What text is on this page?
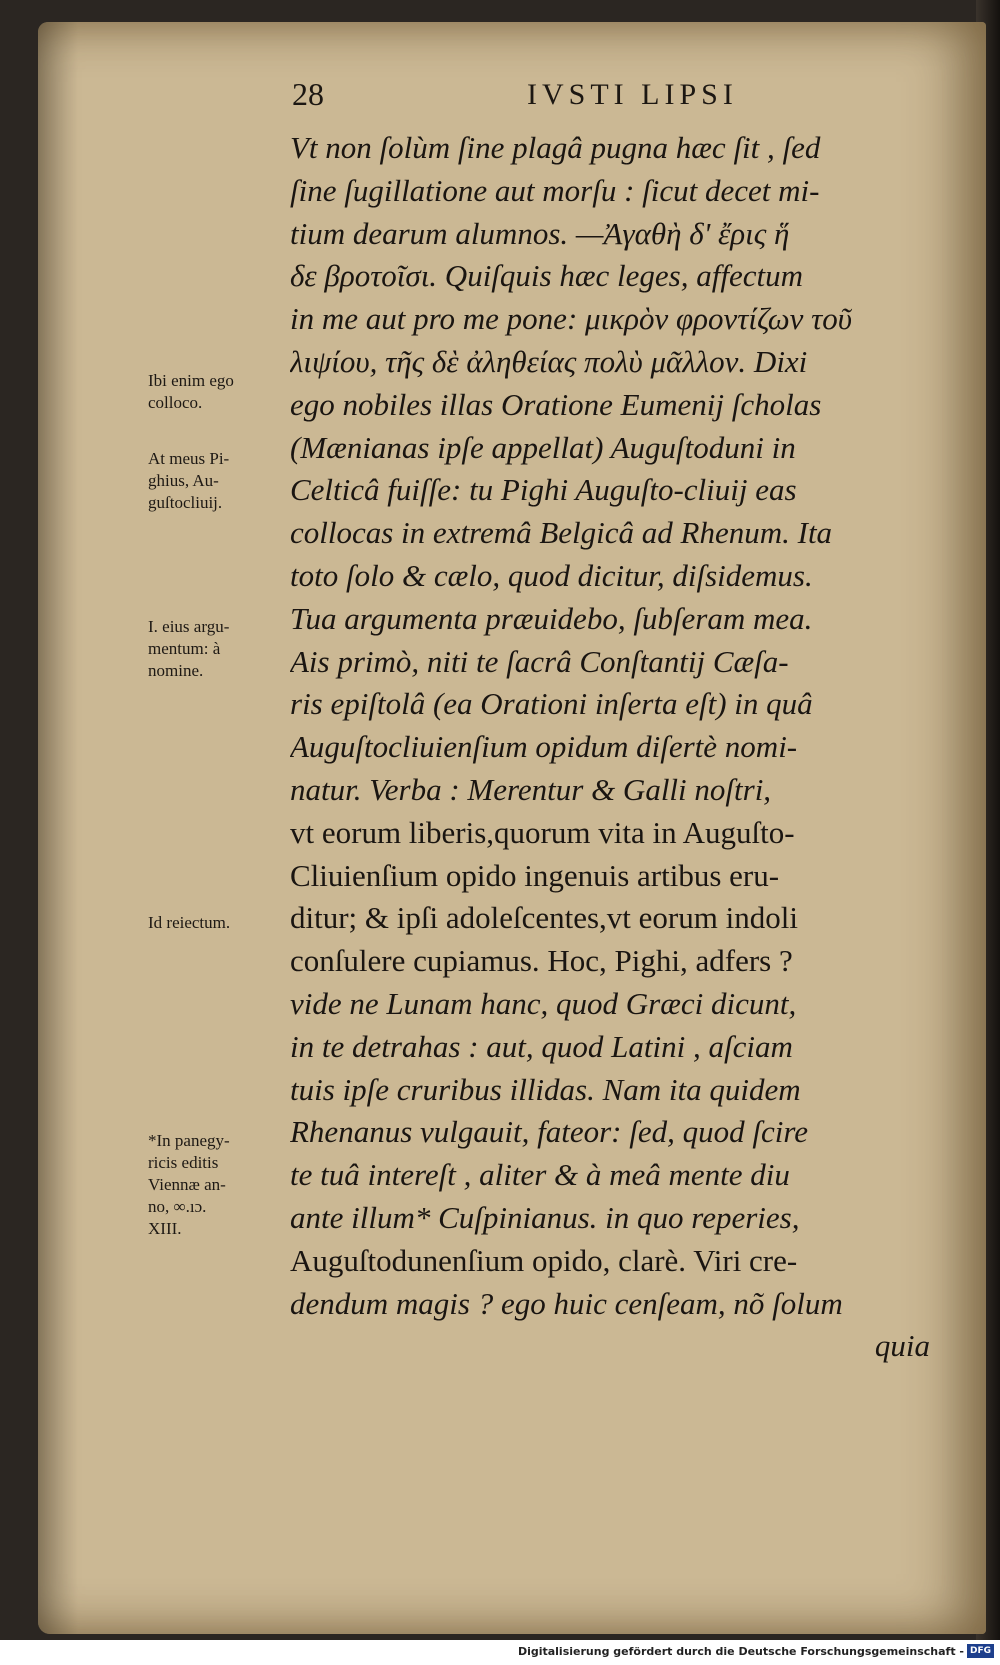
28	IVSTI LIPSI
Vt non ſolùm ſine plagâ pugna hæc ſit , ſed
ſine ſugillatione aut morſu : ſicut decet mi-
tium dearum alumnos. —Ἀγαθὴ δ' ἔρις ἥ
δε βροτοῖσι. Quiſquis hæc leges, affectum
in me aut pro me pone: μικρὸν φροντίζων τοῦ
λιψίου, τῆς δὲ ἀληθείας πολὺ μᾶλλον. Dixi
ego nobiles illas Oratione Eumenij ſcholas
(Mænianas ipſe appellat) Auguſtoduni in
Celticâ fuiſſe: tu Pighi Auguſto-cliuij eas
collocas in extremâ Belgicâ ad Rhenum. Ita
toto ſolo & cælo, quod dicitur, diſsidemus.
Tua argumenta præuidebo, ſubſeram mea.
Ais primò, niti te ſacrâ Conſtantij Cæſa-
ris epiſtolâ (ea Orationi inſerta eſt) in quâ
Auguſtocliuienſium opidum diſertè nomi-
natur. Verba : Merentur & Galli noſtri,
vt eorum liberis,quorum vita in Auguſto-
Cliuienſium opido ingenuis artibus eru-
ditur; & ipſi adoleſcentes,vt eorum indoli
conſulere cupiamus. Hoc, Pighi, adfers ?
vide ne Lunam hanc, quod Græci dicunt,
in te detrahas : aut, quod Latini , aſciam
tuis ipſe cruribus illidas. Nam ita quidem
Rhenanus vulgauit, fateor: ſed, quod ſcire
te tuâ intereſt , aliter & à meâ mente diu
ante illum* Cuſpinianus. in quo reperies,
Auguſtodunenſium opido, clarè. Viri cre-
dendum magis ? ego huic cenſeam, nõ ſolum
quia
Ibi enim ego
colloco.
At meus Pi-
ghius, Au-
guſtocliuij.
I. eius argu-
mentum: à
nomine.
Id reiectum.
*In panegy-
ricis editis
Viennæ an-
no, ∞.ıɔ.
XIII.
Digitalisierung gefördert durch die Deutsche Forschungsgemeinschaft - DFG
